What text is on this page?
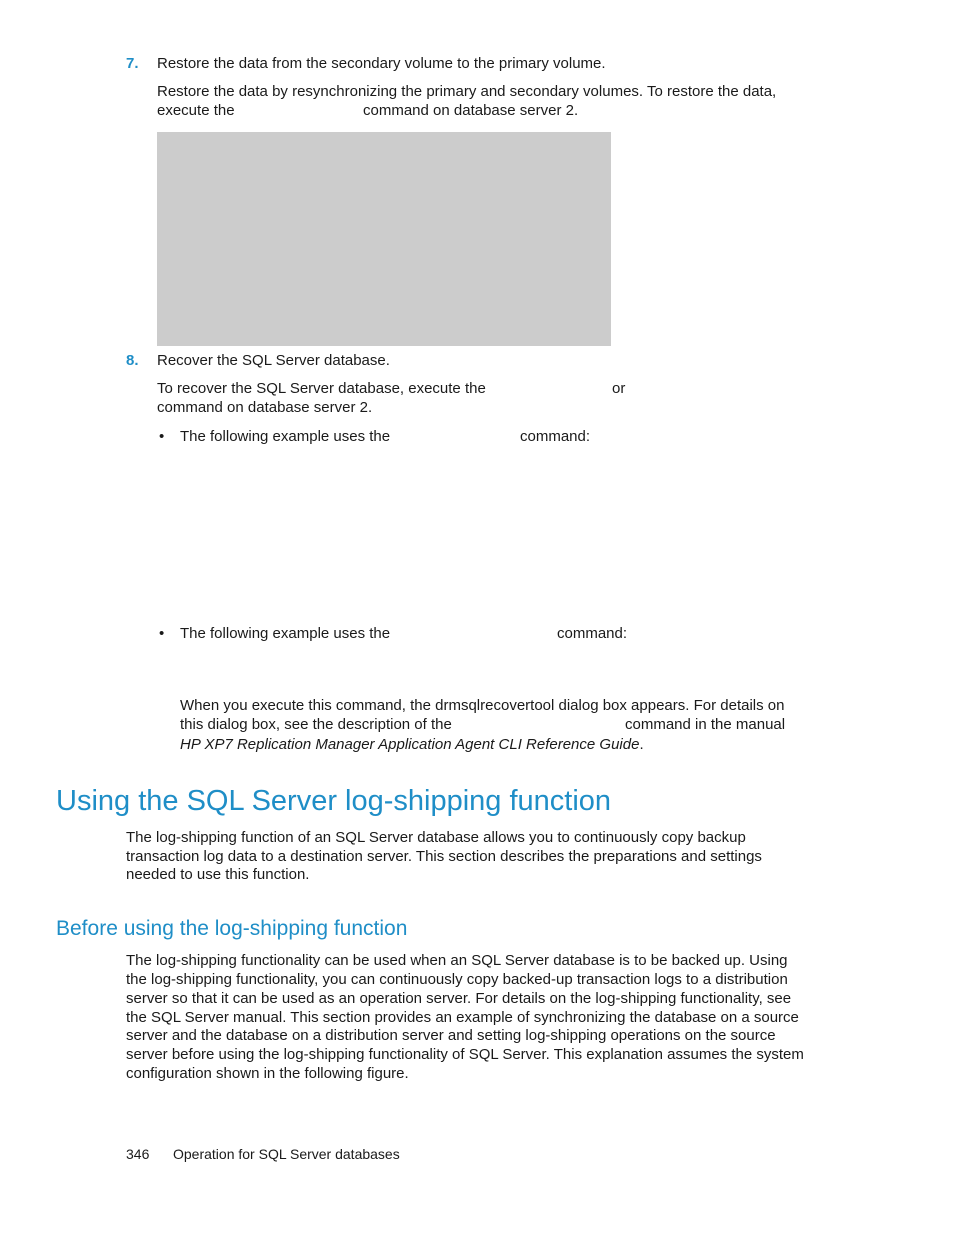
7. Restore the data from the secondary volume to the primary volume.
Restore the data by resynchronizing the primary and secondary volumes. To restore the data,
execute the	command on database server 2.
8. Recover the SQL Server database.
To recover the SQL Server database, execute the	or
command on database server 2.
• The following example uses the	command:
• The following example uses the	command:
When you execute this command, the drmsqlrecovertool dialog box appears. For details on
this dialog box, see the description of the	command in the manual
HP XP7 Replication Manager Application Agent CLI Reference Guide.
Using the SQL Server log-shipping function
The log-shipping function of an SQL Server database allows you to continuously copy backup
transaction log data to a destination server. This section describes the preparations and settings
needed to use this function.
Before using the log-shipping function
The log-shipping functionality can be used when an SQL Server database is to be backed up. Using
the log-shipping functionality, you can continuously copy backed-up transaction logs to a distribution
server so that it can be used as an operation server. For details on the log-shipping functionality, see
the SQL Server manual. This section provides an example of synchronizing the database on a source
server and the database on a distribution server and setting log-shipping operations on the source
server before using the log-shipping functionality of SQL Server. This explanation assumes the system
configuration shown in the following figure.
346 Operation for SQL Server databases
